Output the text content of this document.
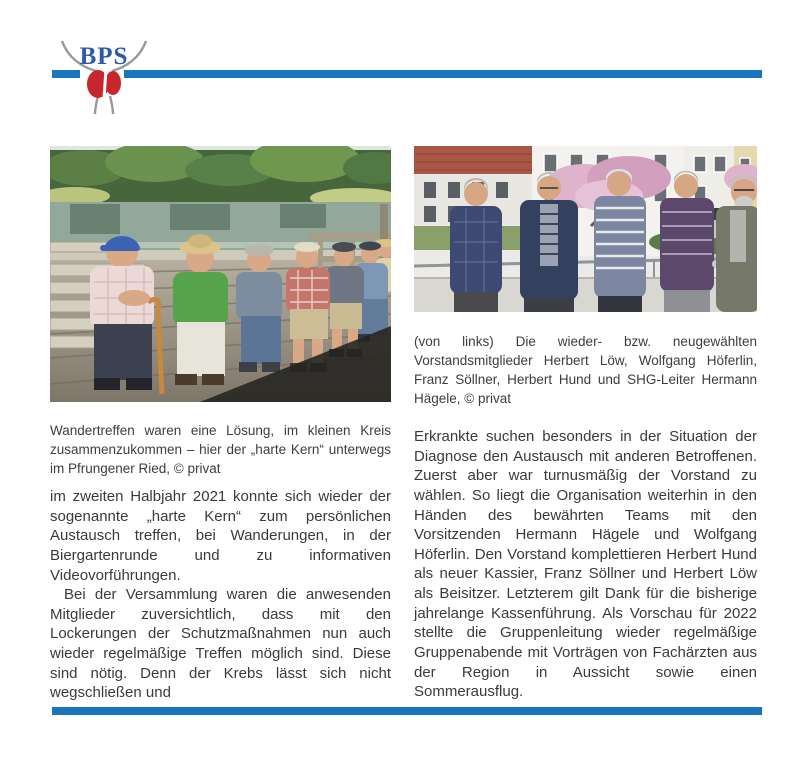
BPS

Wandertreffen waren eine Lösung, im kleinen Kreis zusammenzukommen – hier der „harte Kern“ unterwegs im Pfrungener Ried, © privat

(von links) Die wieder- bzw. neugewählten Vorstandsmitglieder Herbert Löw, Wolfgang Höferlin, Franz Söllner, Herbert Hund und SHG-Leiter Hermann Hägele, © privat

im zweiten Halbjahr 2021 konnte sich wieder der sogenannte „harte Kern“ zum persönlichen Austausch treffen, bei Wanderungen, in der Biergartenrunde und zu informativen Videovorführungen.

Bei der Versammlung waren die anwesenden Mitglieder zuversichtlich, dass mit den Lockerungen der Schutzmaßnahmen nun auch wieder regelmäßige Treffen möglich sind. Diese sind nötig. Denn der Krebs lässt sich nicht wegschließen und

Erkrankte suchen besonders in der Situation der Diagnose den Austausch mit anderen Betroffenen. Zuerst aber war turnusmäßig der Vorstand zu wählen. So liegt die Organisation weiterhin in den Händen des bewährten Teams mit den Vorsitzenden Hermann Hägele und Wolfgang Höferlin. Den Vorstand komplettieren Herbert Hund als neuer Kassier, Franz Söllner und Herbert Löw als Beisitzer. Letzterem gilt Dank für die bisherige jahrelange Kassenführung. Als Vorschau für 2022 stellte die Gruppenleitung wieder regelmäßige Gruppenabende mit Vorträgen von Fachärzten aus der Region in Aussicht sowie einen Sommerausflug.
